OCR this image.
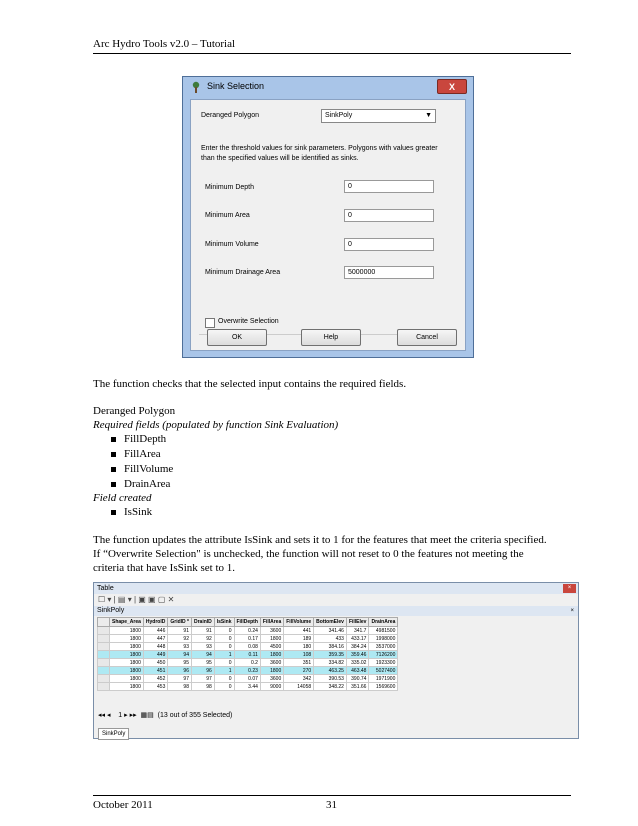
Arc Hydro Tools v2.0 – Tutorial
Sink Selection	X
Deranged Polygon	SinkPoly	▼
Enter the threshold values for sink parameters. Polygons with values greater than the specified values will be identified as sinks.
Minimum Depth	0
Minimum Area	0
Minimum Volume	0
Minimum Drainage Area	5000000
Overwrite Selection
OK	Help	Cancel
The function checks that the selected input contains the required fields.
Deranged Polygon
Required fields (populated by function Sink Evaluation)
FillDepth
FillArea
FillVolume
DrainArea
Field created
IsSink
The function updates the attribute IsSink and sets it to 1 for the features that meet the criteria specified.
If “Overwrite Selection" is unchecked, the function will not reset to 0 the features not meeting the
criteria that have IsSink set to 1.
Table	×
☐ ▾ | ▤ ▾ | ▣ ▣ ▢ ✕
SinkPoly	×
	Shape_Area	HydroID	GridID *	DrainID	IsSink	FillDepth	FillArea	FillVolume	BottomElev	FillElev	DrainArea
	1800	446	91	91	0	0.24	3600	441	341.46	341.7	4981500
	1800	447	92	92	0	0.17	1800	189	433	433.17	1998000
	1800	448	93	93	0	0.08	4500	180	384.16	384.24	3537000
	1800	449	94	94	1	0.11	1800	108	359.35	359.46	7126200
	1800	450	95	95	0	0.2	3600	351	334.82	335.02	1923300
	1800	451	96	96	1	0.23	1800	270	463.25	463.48	5027400
	1800	452	97	97	0	0.07	3600	342	390.53	390.74	1971900
	1800	453	98	98	0	3.44	9000	14058	348.22	351.66	1569600
◂◂ ◂ 1 ▸ ▸▸ ▦▤ (13 out of 355 Selected)
SinkPoly
October 2011	31
